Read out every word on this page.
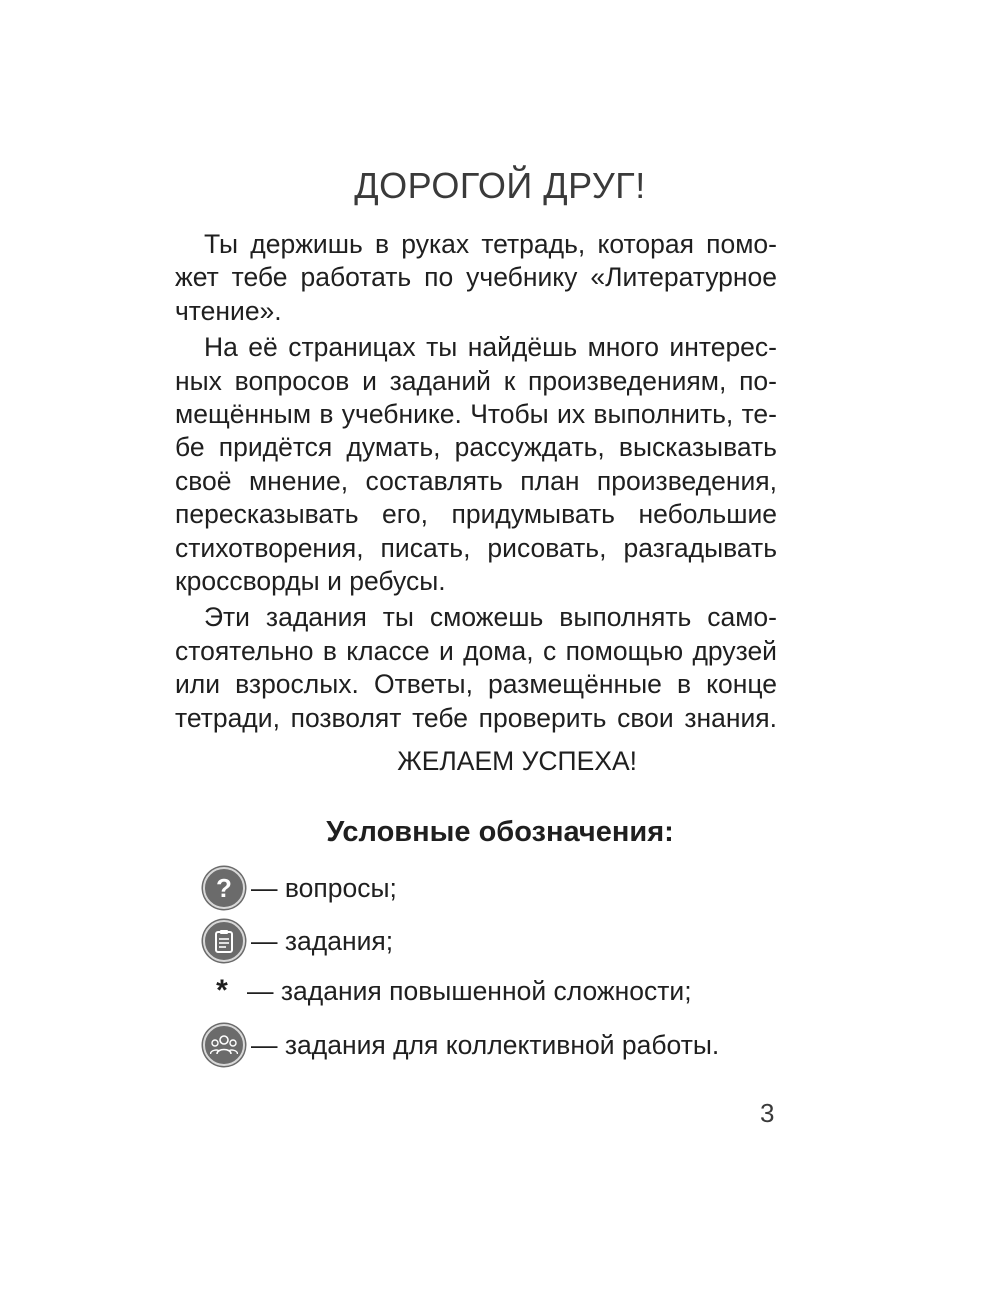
ДОРОГОЙ ДРУГ!

Ты держишь в руках тетрадь, которая помо-
жет тебе работать по учебнику «Литературное
чтение».

На её страницах ты найдёшь много интерес-
ных вопросов и заданий к произведениям, по-
мещённым в учебнике. Чтобы их выполнить, те-
бе придётся думать, рассуждать, высказывать
своё мнение, составлять план произведения,
пересказывать его, придумывать небольшие
стихотворения, писать, рисовать, разгадывать
кроссворды и ребусы.

Эти задания ты сможешь выполнять само-
стоятельно в классе и дома, с помощью друзей
или взрослых. Ответы, размещённые в конце
тетради, позволят тебе проверить свои знания.

ЖЕЛАЕМ УСПЕХА!
Условные обозначения:
? — вопросы;
— задания;
* — задания повышенной сложности;
— задания для коллективной работы.
3
